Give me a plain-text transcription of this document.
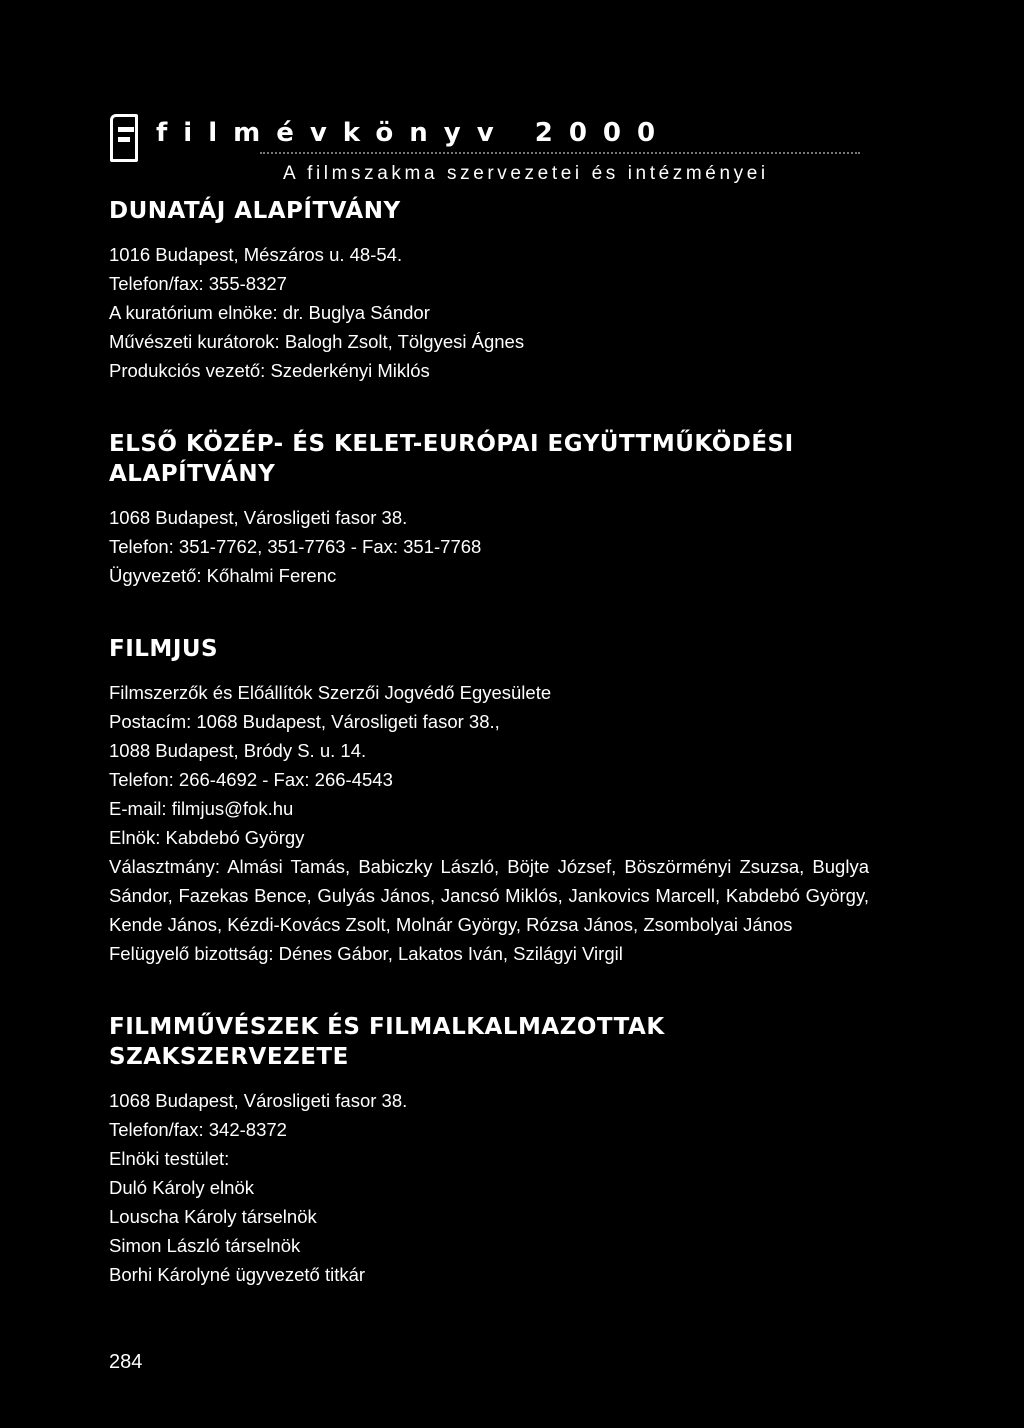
filmévkönyv 2000
A filmszakma szervezetei és intézményei
DUNATÁJ ALAPÍTVÁNY
1016 Budapest, Mészáros u. 48-54.
Telefon/fax: 355-8327
A kuratórium elnöke: dr. Buglya Sándor
Művészeti kurátorok: Balogh Zsolt, Tölgyesi Ágnes
Produkciós vezető: Szederkényi Miklós
ELSŐ KÖZÉP- ÉS KELET-EURÓPAI EGYÜTTMŰKÖDÉSI
ALAPÍTVÁNY
1068 Budapest, Városligeti fasor 38.
Telefon: 351-7762, 351-7763 - Fax: 351-7768
Ügyvezető: Kőhalmi Ferenc
FILMJUS
Filmszerzők és Előállítók Szerzői Jogvédő Egyesülete
Postacím: 1068 Budapest, Városligeti fasor 38.,
1088 Budapest, Bródy S. u. 14.
Telefon: 266-4692 - Fax: 266-4543
E-mail: filmjus@fok.hu
Elnök: Kabdebó György
Választmány: Almási Tamás, Babiczky László, Böjte József, Böszörményi Zsuzsa, Buglya Sándor, Fazekas Bence, Gulyás János, Jancsó Miklós, Jankovics Marcell, Kabdebó György, Kende János, Kézdi-Kovács Zsolt, Molnár György, Rózsa János, Zsombolyai János
Felügyelő bizottság: Dénes Gábor, Lakatos Iván, Szilágyi Virgil
FILMMŰVÉSZEK ÉS FILMALKALMAZOTTAK
SZAKSZERVEZETE
1068 Budapest, Városligeti fasor 38.
Telefon/fax: 342-8372
Elnöki testület:
Duló Károly elnök
Louscha Károly társelnök
Simon László társelnök
Borhi Károlyné ügyvezető titkár
284
